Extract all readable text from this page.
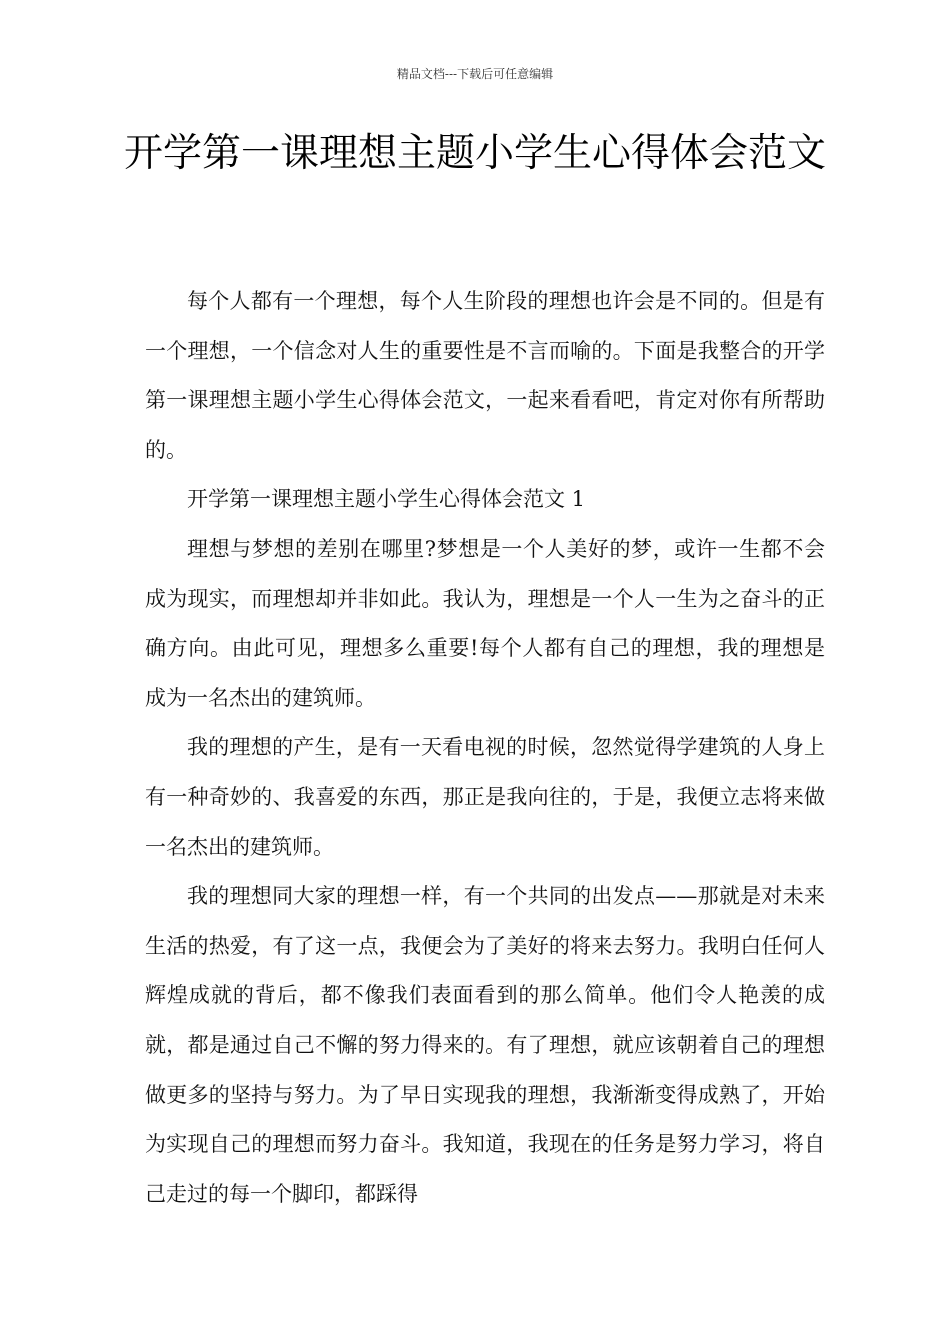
精品文档---下载后可任意编辑
开学第一课理想主题小学生心得体会范文

每个人都有一个理想，每个人生阶段的理想也许会是不同的。但是有一个理想，一个信念对人生的重要性是不言而喻的。下面是我整合的开学第一课理想主题小学生心得体会范文，一起来看看吧，肯定对你有所帮助的。

开学第一课理想主题小学生心得体会范文 1

理想与梦想的差别在哪里?梦想是一个人美好的梦，或许一生都不会成为现实，而理想却并非如此。我认为，理想是一个人一生为之奋斗的正确方向。由此可见，理想多么重要!每个人都有自己的理想，我的理想是成为一名杰出的建筑师。

我的理想的产生，是有一天看电视的时候，忽然觉得学建筑的人身上有一种奇妙的、我喜爱的东西，那正是我向往的，于是，我便立志将来做一名杰出的建筑师。

我的理想同大家的理想一样，有一个共同的出发点——那就是对未来生活的热爱，有了这一点，我便会为了美好的将来去努力。我明白任何人辉煌成就的背后，都不像我们表面看到的那么简单。他们令人艳羡的成就，都是通过自己不懈的努力得来的。有了理想，就应该朝着自己的理想做更多的坚持与努力。为了早日实现我的理想，我渐渐变得成熟了，开始为实现自己的理想而努力奋斗。我知道，我现在的任务是努力学习，将自己走过的每一个脚印，都踩得
